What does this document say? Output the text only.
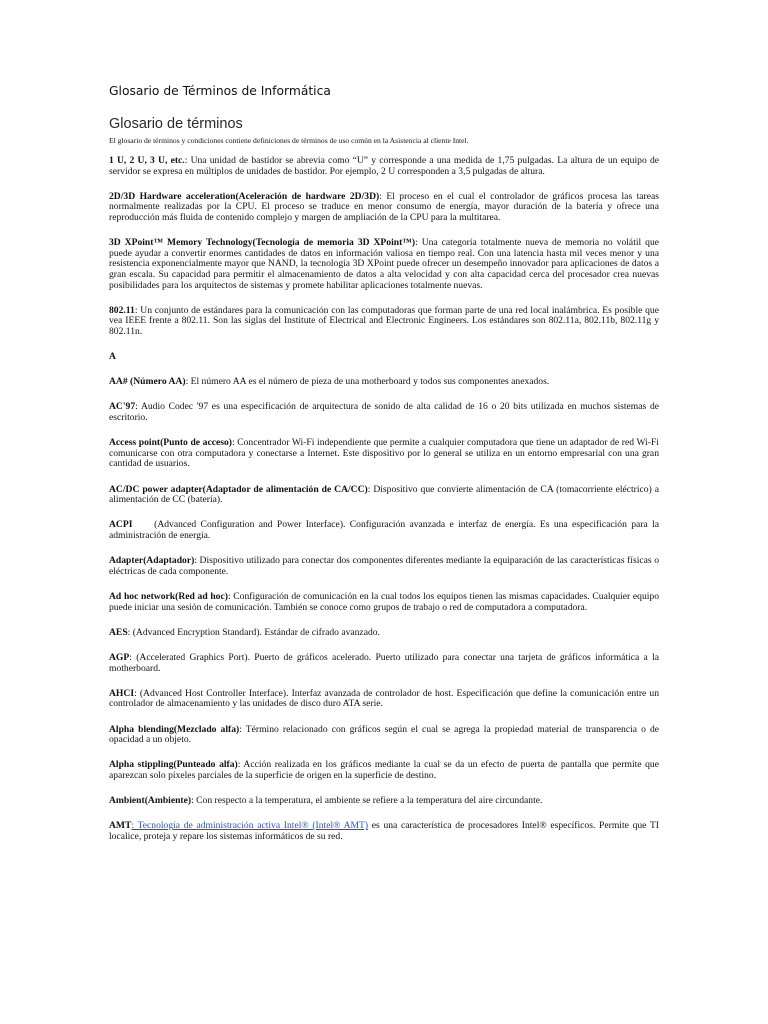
Glosario de Términos de Informática
Glosario de términos

El glosario de términos y condiciones contiene definiciones de términos de uso común en la Asistencia al cliente Intel.

1 U, 2 U, 3 U, etc.: Una unidad de bastidor se abrevia como “U” y corresponde a una medida de 1,75 pulgadas. La altura de un equipo de servidor se expresa en múltiplos de unidades de bastidor. Por ejemplo, 2 U corresponden a 3,5 pulgadas de altura.

2D/3D Hardware acceleration(Aceleración de hardware 2D/3D): El proceso en el cual el controlador de gráficos procesa las tareas normalmente realizadas por la CPU. El proceso se traduce en menor consumo de energía, mayor duración de la batería y ofrece una reproducción más fluida de contenido complejo y margen de ampliación de la CPU para la multitarea.

3D XPoint™ Memory Technology(Tecnología de memoria 3D XPoint™): Una categoría totalmente nueva de memoria no volátil que puede ayudar a convertir enormes cantidades de datos en información valiosa en tiempo real. Con una latencia hasta mil veces menor y una resistencia exponencialmente mayor que NAND, la tecnología 3D XPoint puede ofrecer un desempeño innovador para aplicaciones de datos a gran escala. Su capacidad para permitir el almacenamiento de datos a alta velocidad y con alta capacidad cerca del procesador crea nuevas posibilidades para los arquitectos de sistemas y promete habilitar aplicaciones totalmente nuevas.

802.11: Un conjunto de estándares para la comunicación con las computadoras que forman parte de una red local inalámbrica. Es posible que vea IEEE frente a 802.11. Son las siglas del Institute of Electrical and Electronic Engineers. Los estándares son 802.11a, 802.11b, 802.11g y 802.11n.

A

AA# (Número AA): El número AA es el número de pieza de una motherboard y todos sus componentes anexados.

AC'97: Audio Codec '97 es una especificación de arquitectura de sonido de alta calidad de 16 o 20 bits utilizada en muchos sistemas de escritorio.

Access point(Punto de acceso): Concentrador Wi-Fi independiente que permite a cualquier computadora que tiene un adaptador de red Wi-Fi comunicarse con otra computadora y conectarse a Internet. Este dispositivo por lo general se utiliza en un entorno empresarial con una gran cantidad de usuarios.

AC/DC power adapter(Adaptador de alimentación de CA/CC): Dispositivo que convierte alimentación de CA (tomacorriente eléctrico) a alimentación de CC (batería).

ACPI     (Advanced Configuration and Power Interface). Configuración avanzada e interfaz de energía. Es una especificación para la administración de energía.

Adapter(Adaptador): Dispositivo utilizado para conectar dos componentes diferentes mediante la equiparación de las características físicas o eléctricas de cada componente.

Ad hoc network(Red ad hoc): Configuración de comunicación en la cual todos los equipos tienen las mismas capacidades. Cualquier equipo puede iniciar una sesión de comunicación. También se conoce como grupos de trabajo o red de computadora a computadora.

AES: (Advanced Encryption Standard). Estándar de cifrado avanzado.

AGP: (Accelerated Graphics Port). Puerto de gráficos acelerado. Puerto utilizado para conectar una tarjeta de gráficos informática a la motherboard.

AHCI: (Advanced Host Controller Interface). Interfaz avanzada de controlador de host. Especificación que define la comunicación entre un controlador de almacenamiento y las unidades de disco duro ATA serie.

Alpha blending(Mezclado alfa): Término relacionado con gráficos según el cual se agrega la propiedad material de transparencia o de opacidad a un objeto.

Alpha stippling(Punteado alfa): Acción realizada en los gráficos mediante la cual se da un efecto de puerta de pantalla que permite que aparezcan solo píxeles parciales de la superficie de origen en la superficie de destino.

Ambient(Ambiente): Con respecto a la temperatura, el ambiente se refiere a la temperatura del aire circundante.

AMT: Tecnología de administración activa Intel® (Intel® AMT) es una característica de procesadores Intel® específicos. Permite que TI localice, proteja y repare los sistemas informáticos de su red.
